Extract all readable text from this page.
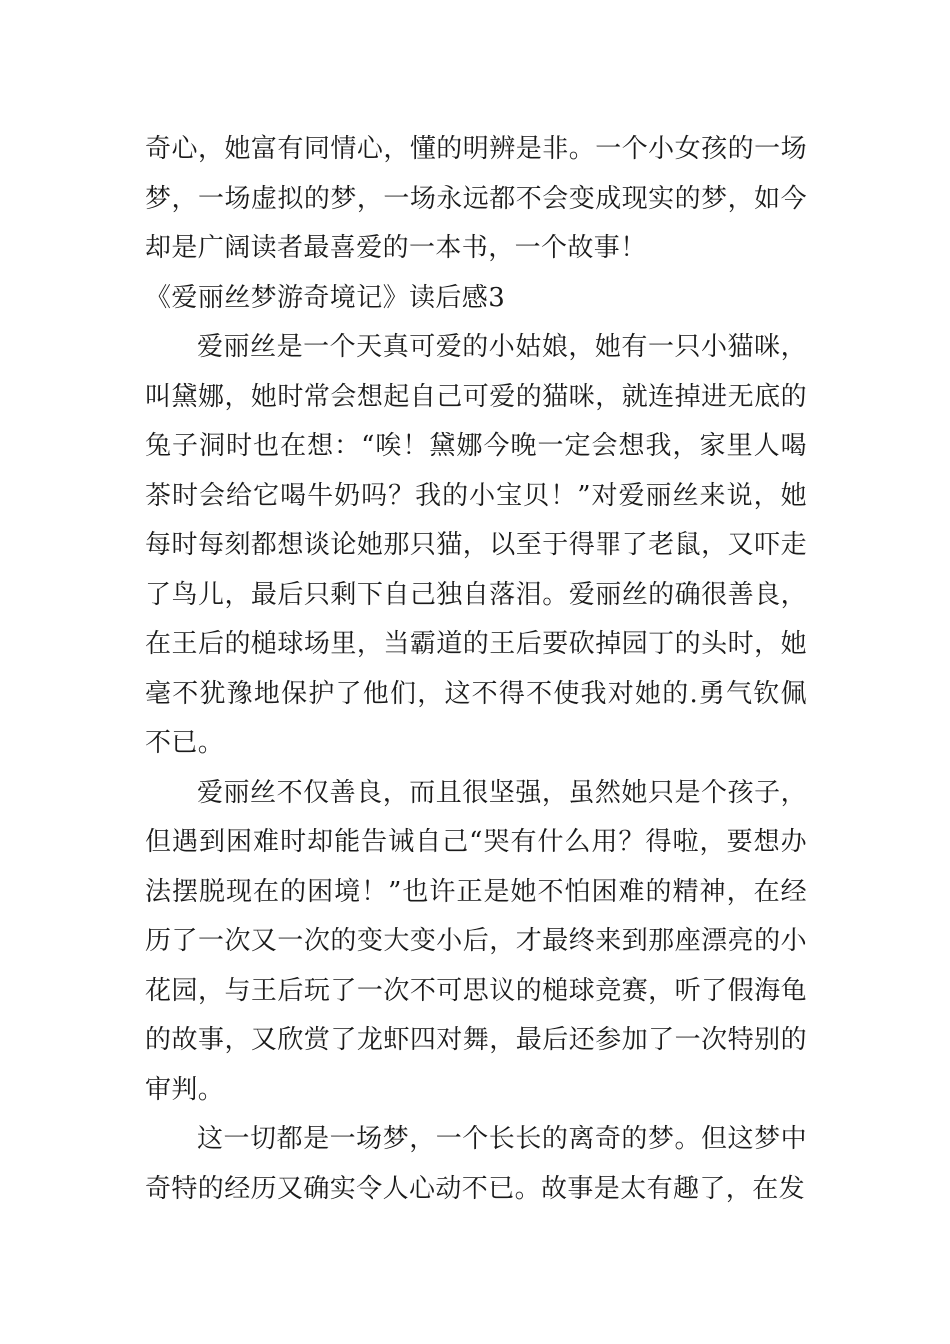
奇心，她富有同情心，懂的明辨是非。一个小女孩的一场梦，一场虚拟的梦，一场永远都不会变成现实的梦，如今却是广阔读者最喜爱的一本书，一个故事！

《爱丽丝梦游奇境记》读后感3

爱丽丝是一个天真可爱的小姑娘，她有一只小猫咪，叫黛娜，她时常会想起自己可爱的猫咪，就连掉进无底的兔子洞时也在想：“唉！黛娜今晚一定会想我，家里人喝茶时会给它喝牛奶吗？我的小宝贝！”对爱丽丝来说，她每时每刻都想谈论她那只猫，以至于得罪了老鼠，又吓走了鸟儿，最后只剩下自己独自落泪。爱丽丝的确很善良，在王后的槌球场里，当霸道的王后要砍掉园丁的头时，她毫不犹豫地保护了他们，这不得不使我对她的.勇气钦佩不已。

爱丽丝不仅善良，而且很坚强，虽然她只是个孩子，但遇到困难时却能告诫自己“哭有什么用？得啦，要想办法摆脱现在的困境！”也许正是她不怕困难的精神，在经历了一次又一次的变大变小后，才最终来到那座漂亮的小花园，与王后玩了一次不可思议的槌球竞赛，听了假海龟的故事，又欣赏了龙虾四对舞，最后还参加了一次特别的审判。

这一切都是一场梦，一个长长的离奇的梦。但这梦中奇特的经历又确实令人心动不已。故事是太有趣了，在发
